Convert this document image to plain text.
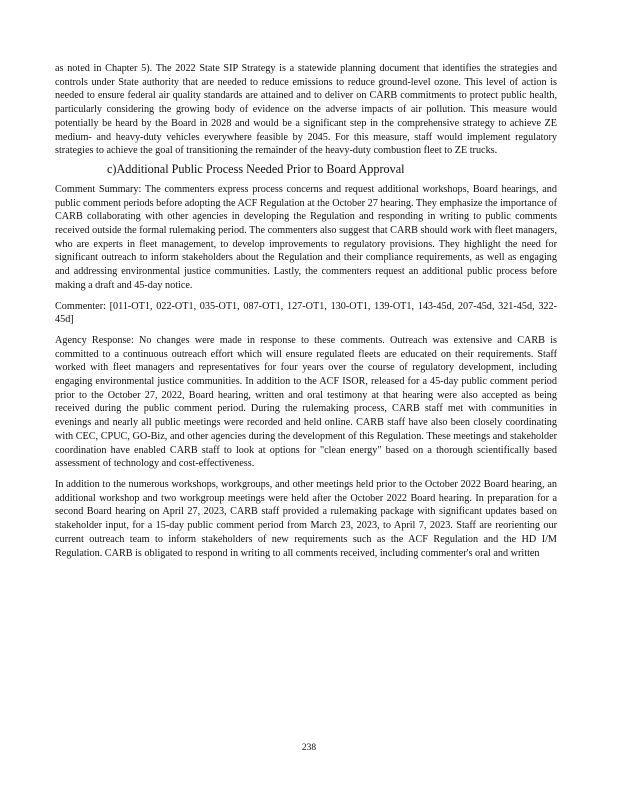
as noted in Chapter 5). The 2022 State SIP Strategy is a statewide planning document that identifies the strategies and controls under State authority that are needed to reduce emissions to reduce ground-level ozone. This level of action is needed to ensure federal air quality standards are attained and to deliver on CARB commitments to protect public health, particularly considering the growing body of evidence on the adverse impacts of air pollution. This measure would potentially be heard by the Board in 2028 and would be a significant step in the comprehensive strategy to achieve ZE medium- and heavy-duty vehicles everywhere feasible by 2045. For this measure, staff would implement regulatory strategies to achieve the goal of transitioning the remainder of the heavy-duty combustion fleet to ZE trucks.

c)Additional Public Process Needed Prior to Board Approval

Comment Summary: The commenters express process concerns and request additional workshops, Board hearings, and public comment periods before adopting the ACF Regulation at the October 27 hearing. They emphasize the importance of CARB collaborating with other agencies in developing the Regulation and responding in writing to public comments received outside the formal rulemaking period. The commenters also suggest that CARB should work with fleet managers, who are experts in fleet management, to develop improvements to regulatory provisions. They highlight the need for significant outreach to inform stakeholders about the Regulation and their compliance requirements, as well as engaging and addressing environmental justice communities. Lastly, the commenters request an additional public process before making a draft and 45-day notice.

Commenter: [011-OT1, 022-OT1, 035-OT1, 087-OT1, 127-OT1, 130-OT1, 139-OT1, 143-45d, 207-45d, 321-45d, 322-45d]

Agency Response: No changes were made in response to these comments. Outreach was extensive and CARB is committed to a continuous outreach effort which will ensure regulated fleets are educated on their requirements. Staff worked with fleet managers and representatives for four years over the course of regulatory development, including engaging environmental justice communities. In addition to the ACF ISOR, released for a 45-day public comment period prior to the October 27, 2022, Board hearing, written and oral testimony at that hearing were also accepted as being received during the public comment period. During the rulemaking process, CARB staff met with communities in evenings and nearly all public meetings were recorded and held online. CARB staff have also been closely coordinating with CEC, CPUC, GO-Biz, and other agencies during the development of this Regulation. These meetings and stakeholder coordination have enabled CARB staff to look at options for "clean energy" based on a thorough scientifically based assessment of technology and cost-effectiveness.

In addition to the numerous workshops, workgroups, and other meetings held prior to the October 2022 Board hearing, an additional workshop and two workgroup meetings were held after the October 2022 Board hearing. In preparation for a second Board hearing on April 27, 2023, CARB staff provided a rulemaking package with significant updates based on stakeholder input, for a 15-day public comment period from March 23, 2023, to April 7, 2023. Staff are reorienting our current outreach team to inform stakeholders of new requirements such as the ACF Regulation and the HD I/M Regulation. CARB is obligated to respond in writing to all comments received, including commenter's oral and written

238
